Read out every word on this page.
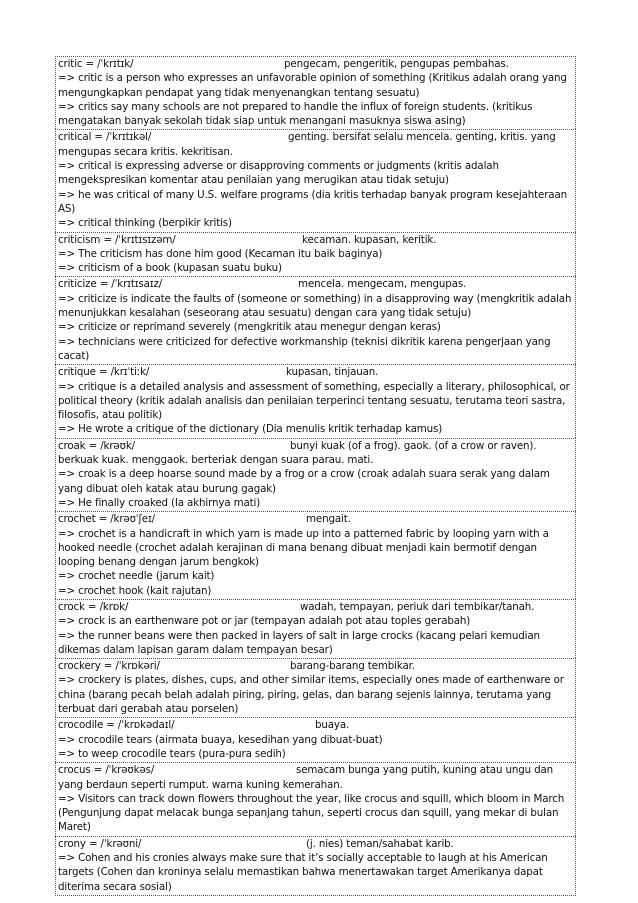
critic = /ˈkrɪtɪk/	pengecam, pengeritik, pengupas pembahas.
=> critic is a person who expresses an unfavorable opinion of something (Kritikus adalah orang yang mengungkapkan pendapat yang tidak menyenangkan tentang sesuatu)
=> critics say many schools are not prepared to handle the influx of foreign students. (kritikus mengatakan banyak sekolah tidak siap untuk menangani masuknya siswa asing)
critical = /ˈkrɪtɪkəl/	genting. bersifat selalu mencela. genting, kritis. yang mengupas secara kritis. kekritisan.
=> critical is expressing adverse or disapproving comments or judgments (kritis adalah mengekspresikan komentar atau penilaian yang merugikan atau tidak setuju)
=> he was critical of many U.S. welfare programs (dia kritis terhadap banyak program kesejahteraan AS)
=> critical thinking (berpikir kritis)
criticism = /ˈkrɪtɪsɪzəm/	kecaman. kupasan, keritik.
=> The criticism has done him good (Kecaman itu baik baginya)
=> criticism of a book (kupasan suatu buku)
criticize = /ˈkrɪtɪsaɪz/	mencela. mengecam, mengupas.
=> criticize is indicate the faults of (someone or something) in a disapproving way (mengkritik adalah menunjukkan kesalahan (seseorang atau sesuatu) dengan cara yang tidak setuju)
=> criticize or reprimand severely (mengkritik atau menegur dengan keras)
=> technicians were criticized for defective workmanship (teknisi dikritik karena pengerjaan yang cacat)
critique = /krɪˈtiːk/	kupasan, tinjauan.
=> critique is a detailed analysis and assessment of something, especially a literary, philosophical, or political theory (kritik adalah analisis dan penilaian terperinci tentang sesuatu, terutama teori sastra, filosofis, atau politik)
=> He wrote a critique of the dictionary (Dia menulis kritik terhadap kamus)
croak = /krəʊk/	bunyi kuak (of a frog). gaok. (of a crow or raven). berkuak kuak. menggaok. berteriak dengan suara parau. mati.
=> croak is a deep hoarse sound made by a frog or a crow (croak adalah suara serak yang dalam yang dibuat oleh katak atau burung gagak)
=> He finally croaked (Ia akhirnya mati)
crochet = /krəʊˈʃeɪ/	mengait.
=> crochet is a handicraft in which yarn is made up into a patterned fabric by looping yarn with a hooked needle (crochet adalah kerajinan di mana benang dibuat menjadi kain bermotif dengan looping benang dengan jarum bengkok)
=> crochet needle (jarum kait)
=> crochet hook (kait rajutan)
crock = /krɒk/	wadah, tempayan, periuk dari tembikar/tanah.
=> crock is an earthenware pot or jar (tempayan adalah pot atau toples gerabah)
=> the runner beans were then packed in layers of salt in large crocks (kacang pelari kemudian dikemas dalam lapisan garam dalam tempayan besar)
crockery = /ˈkrɒkəri/	barang-barang tembikar.
=> crockery is plates, dishes, cups, and other similar items, especially ones made of earthenware or china (barang pecah belah adalah piring, piring, gelas, dan barang sejenis lainnya, terutama yang terbuat dari gerabah atau porselen)
crocodile = /ˈkrɒkədaɪl/	buaya.
=> crocodile tears (airmata buaya, kesedihan yang dibuat-buat)
=> to weep crocodile tears (pura-pura sedih)
crocus = /ˈkrəʊkəs/	semacam bunga yang putih, kuning atau ungu dan yang berdaun seperti rumput. warna kuning kemerahan.
=> Visitors can track down flowers throughout the year, like crocus and squill, which bloom in March (Pengunjung dapat melacak bunga sepanjang tahun, seperti crocus dan squill, yang mekar di bulan Maret)
crony = /ˈkrəʊni/	(j. nies) teman/sahabat karib.
=> Cohen and his cronies always make sure that it’s socially acceptable to laugh at his American targets (Cohen dan kroninya selalu memastikan bahwa menertawakan target Amerikanya dapat diterima secara sosial)
